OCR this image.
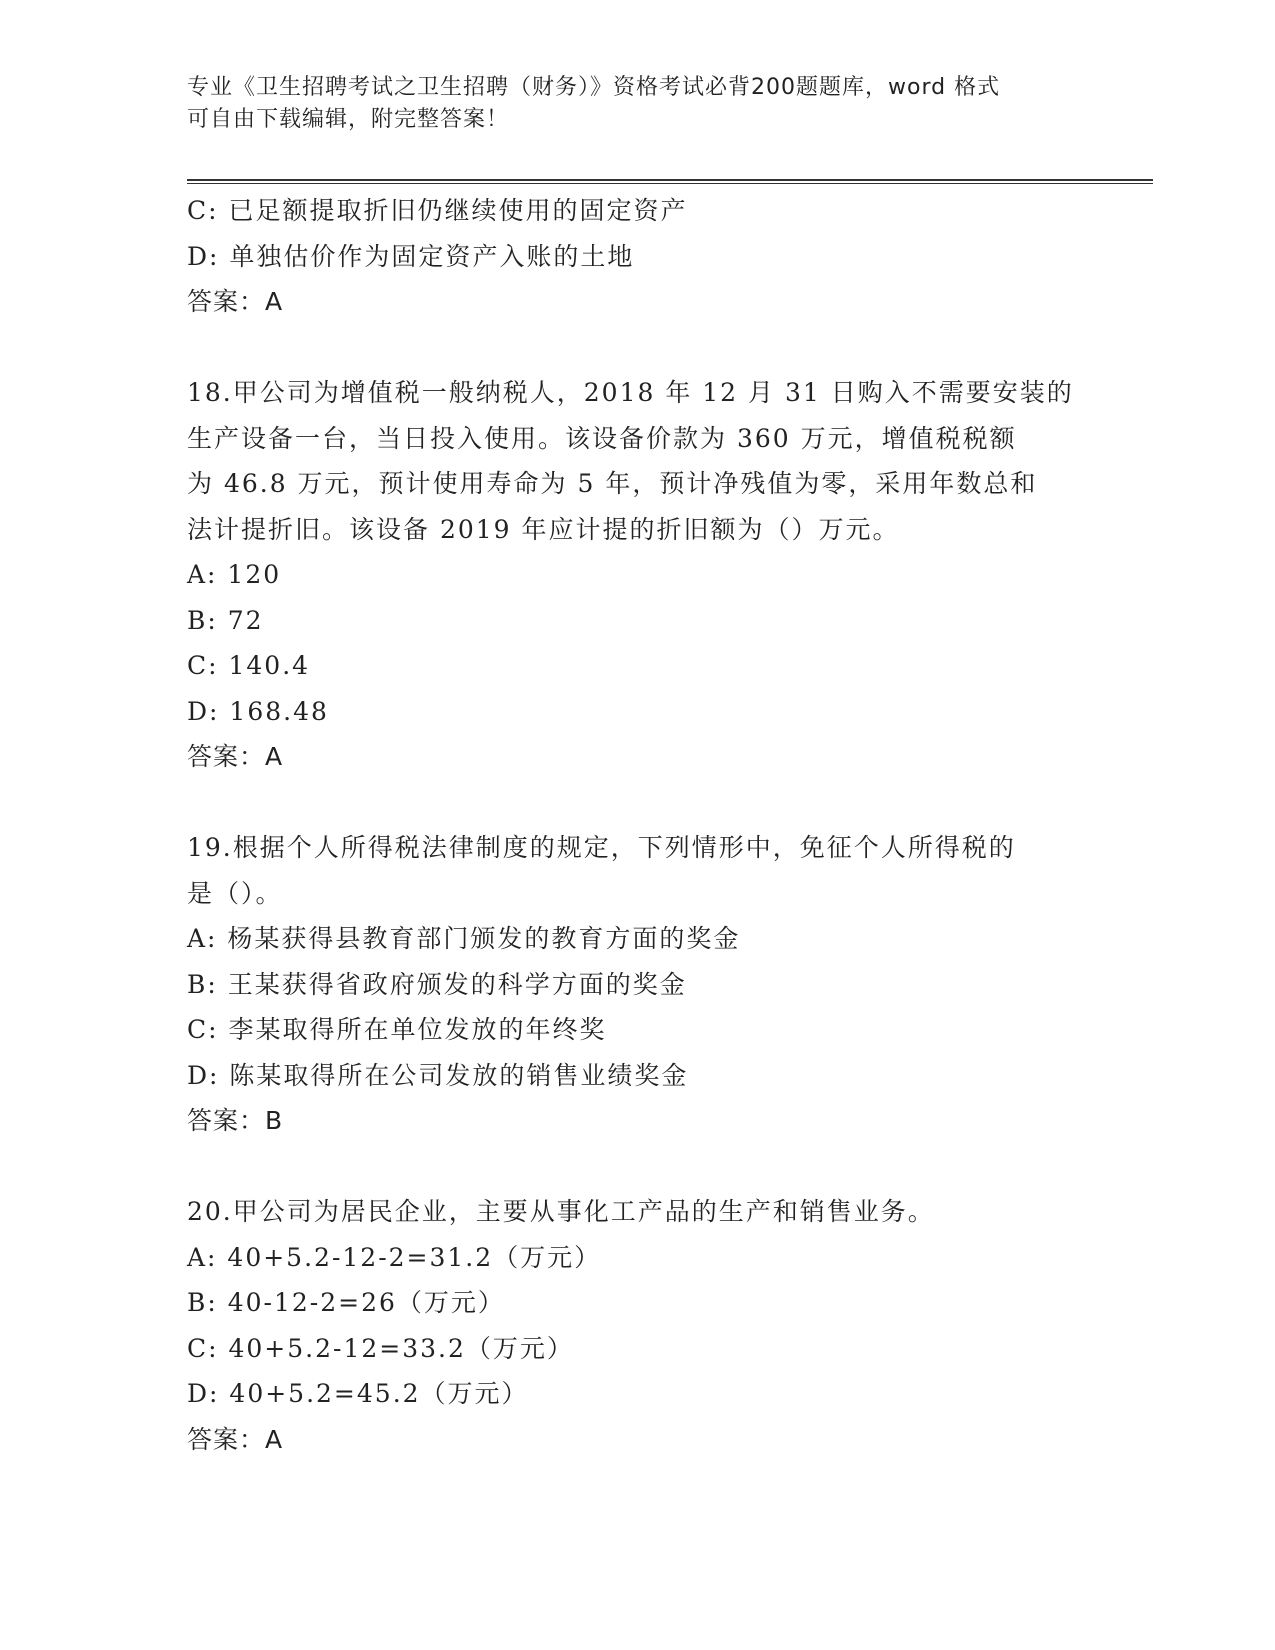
专业《卫生招聘考试之卫生招聘（财务）》资格考试必背200题题库，word 格式
可自由下载编辑，附完整答案！
C: 已足额提取折旧仍继续使用的固定资产
D: 单独估价作为固定资产入账的土地
答案：A
18.甲公司为增值税一般纳税人，2018 年 12 月 31 日购入不需要安装的
生产设备一台，当日投入使用。该设备价款为 360 万元，增值税税额
为 46.8 万元，预计使用寿命为 5 年，预计净残值为零，采用年数总和
法计提折旧。该设备 2019 年应计提的折旧额为（）万元。
A: 120
B: 72
C: 140.4
D: 168.48
答案：A
19.根据个人所得税法律制度的规定，下列情形中，免征个人所得税的
是（）。
A: 杨某获得县教育部门颁发的教育方面的奖金
B: 王某获得省政府颁发的科学方面的奖金
C: 李某取得所在单位发放的年终奖
D: 陈某取得所在公司发放的销售业绩奖金
答案：B
20.甲公司为居民企业，主要从事化工产品的生产和销售业务。
A: 40+5.2-12-2=31.2（万元）
B: 40-12-2=26（万元）
C: 40+5.2-12=33.2（万元）
D: 40+5.2=45.2（万元）
答案：A
